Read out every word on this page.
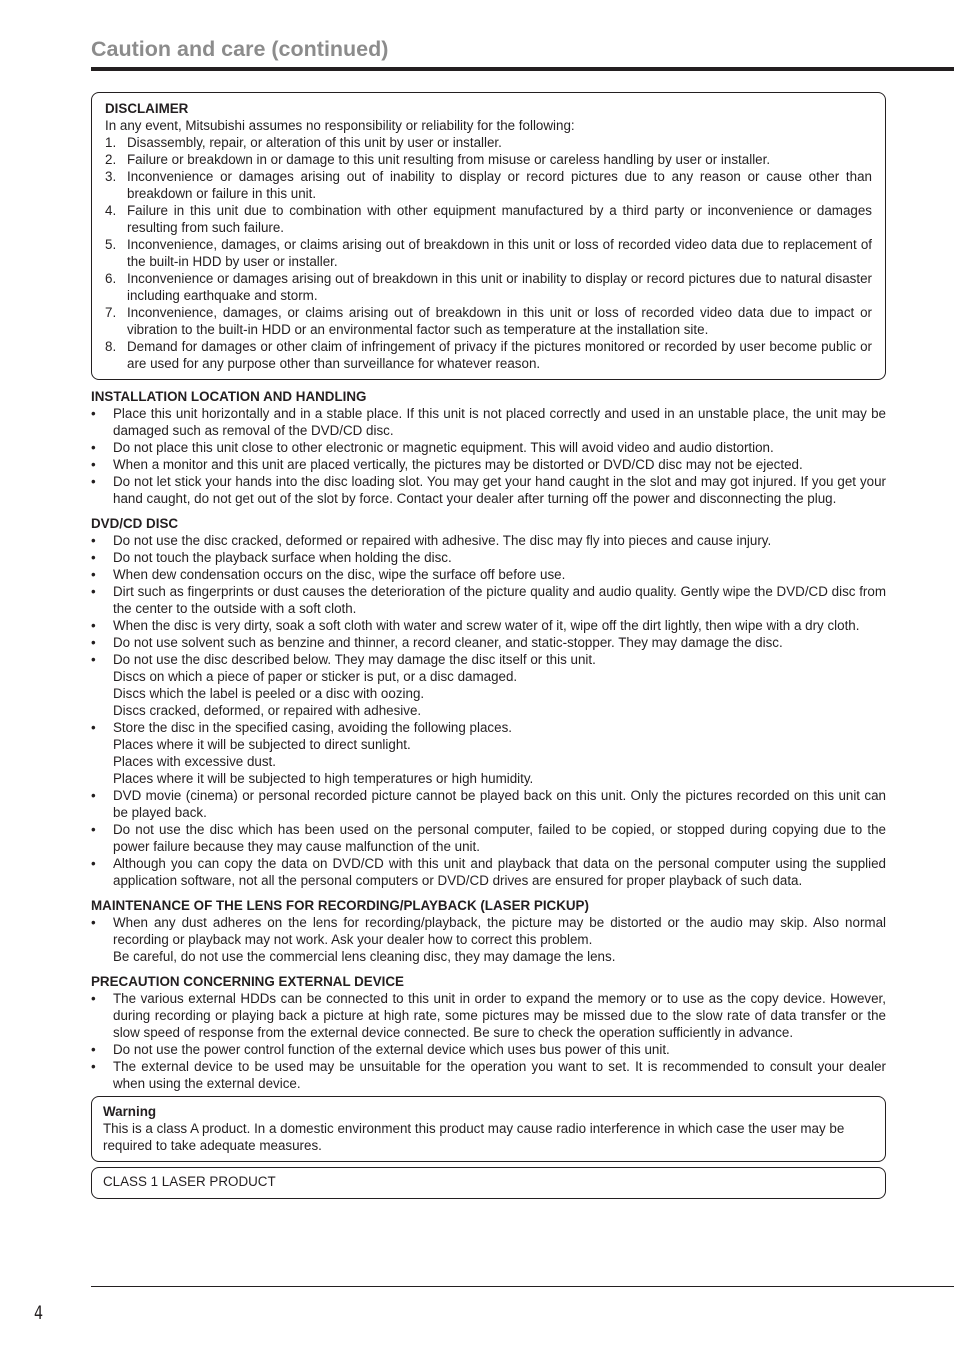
Caution and care (continued)
DISCLAIMER
In any event, Mitsubishi assumes no responsibility or reliability for the following:
1. Disassembly, repair, or alteration of this unit by user or installer.
2. Failure or breakdown in or damage to this unit resulting from misuse or careless handling by user or installer.
3. Inconvenience or damages arising out of inability to display or record pictures due to any reason or cause other than breakdown or failure in this unit.
4. Failure in this unit due to combination with other equipment manufactured by a third party or inconvenience or damages resulting from such failure.
5. Inconvenience, damages, or claims arising out of breakdown in this unit or loss of recorded video data due to replacement of the built-in HDD by user or installer.
6. Inconvenience or damages arising out of breakdown in this unit or inability to display or record pictures due to natural disaster including earthquake and storm.
7. Inconvenience, damages, or claims arising out of breakdown in this unit or loss of recorded video data due to impact or vibration to the built-in HDD or an environmental factor such as temperature at the installation site.
8. Demand for damages or other claim of infringement of privacy if the pictures monitored or recorded by user become public or are used for any purpose other than surveillance for whatever reason.
INSTALLATION LOCATION AND HANDLING
• Place this unit horizontally and in a stable place. If this unit is not placed correctly and used in an unstable place, the unit may be damaged such as removal of the DVD/CD disc.
• Do not place this unit close to other electronic or magnetic equipment. This will avoid video and audio distortion.
• When a monitor and this unit are placed vertically, the pictures may be distorted or DVD/CD disc may not be ejected.
• Do not let stick your hands into the disc loading slot. You may get your hand caught in the slot and may got injured. If you get your hand caught, do not get out of the slot by force. Contact your dealer after turning off the power and disconnecting the plug.
DVD/CD DISC
• Do not use the disc cracked, deformed or repaired with adhesive. The disc may fly into pieces and cause injury.
• Do not touch the playback surface when holding the disc.
• When dew condensation occurs on the disc, wipe the surface off before use.
• Dirt such as fingerprints or dust causes the deterioration of the picture quality and audio quality. Gently wipe the DVD/CD disc from the center to the outside with a soft cloth.
• When the disc is very dirty, soak a soft cloth with water and screw water of it, wipe off the dirt lightly, then wipe with a dry cloth.
• Do not use solvent such as benzine and thinner, a record cleaner, and static-stopper. They may damage the disc.
• Do not use the disc described below. They may damage the disc itself or this unit.
Discs on which a piece of paper or sticker is put, or a disc damaged.
Discs which the label is peeled or a disc with oozing.
Discs cracked, deformed, or repaired with adhesive.
• Store the disc in the specified casing, avoiding the following places.
Places where it will be subjected to direct sunlight.
Places with excessive dust.
Places where it will be subjected to high temperatures or high humidity.
• DVD movie (cinema) or personal recorded picture cannot be played back on this unit. Only the pictures recorded on this unit can be played back.
• Do not use the disc which has been used on the personal computer, failed to be copied, or stopped during copying due to the power failure because they may cause malfunction of the unit.
• Although you can copy the data on DVD/CD with this unit and playback that data on the personal computer using the supplied application software, not all the personal computers or DVD/CD drives are ensured for proper playback of such data.
MAINTENANCE OF THE LENS FOR RECORDING/PLAYBACK (LASER PICKUP)
• When any dust adheres on the lens for recording/playback, the picture may be distorted or the audio may skip. Also normal recording or playback may not work. Ask your dealer how to correct this problem.
Be careful, do not use the commercial lens cleaning disc, they may damage the lens.
PRECAUTION CONCERNING EXTERNAL DEVICE
• The various external HDDs can be connected to this unit in order to expand the memory or to use as the copy device. However, during recording or playing back a picture at high rate, some pictures may be missed due to the slow rate of data transfer or the slow speed of response from the external device connected. Be sure to check the operation sufficiently in advance.
• Do not use the power control function of the external device which uses bus power of this unit.
• The external device to be used may be unsuitable for the operation you want to set. It is recommended to consult your dealer when using the external device.
Warning
This is a class A product. In a domestic environment this product may cause radio interference in which case the user may be required to take adequate measures.
CLASS 1 LASER PRODUCT
4
